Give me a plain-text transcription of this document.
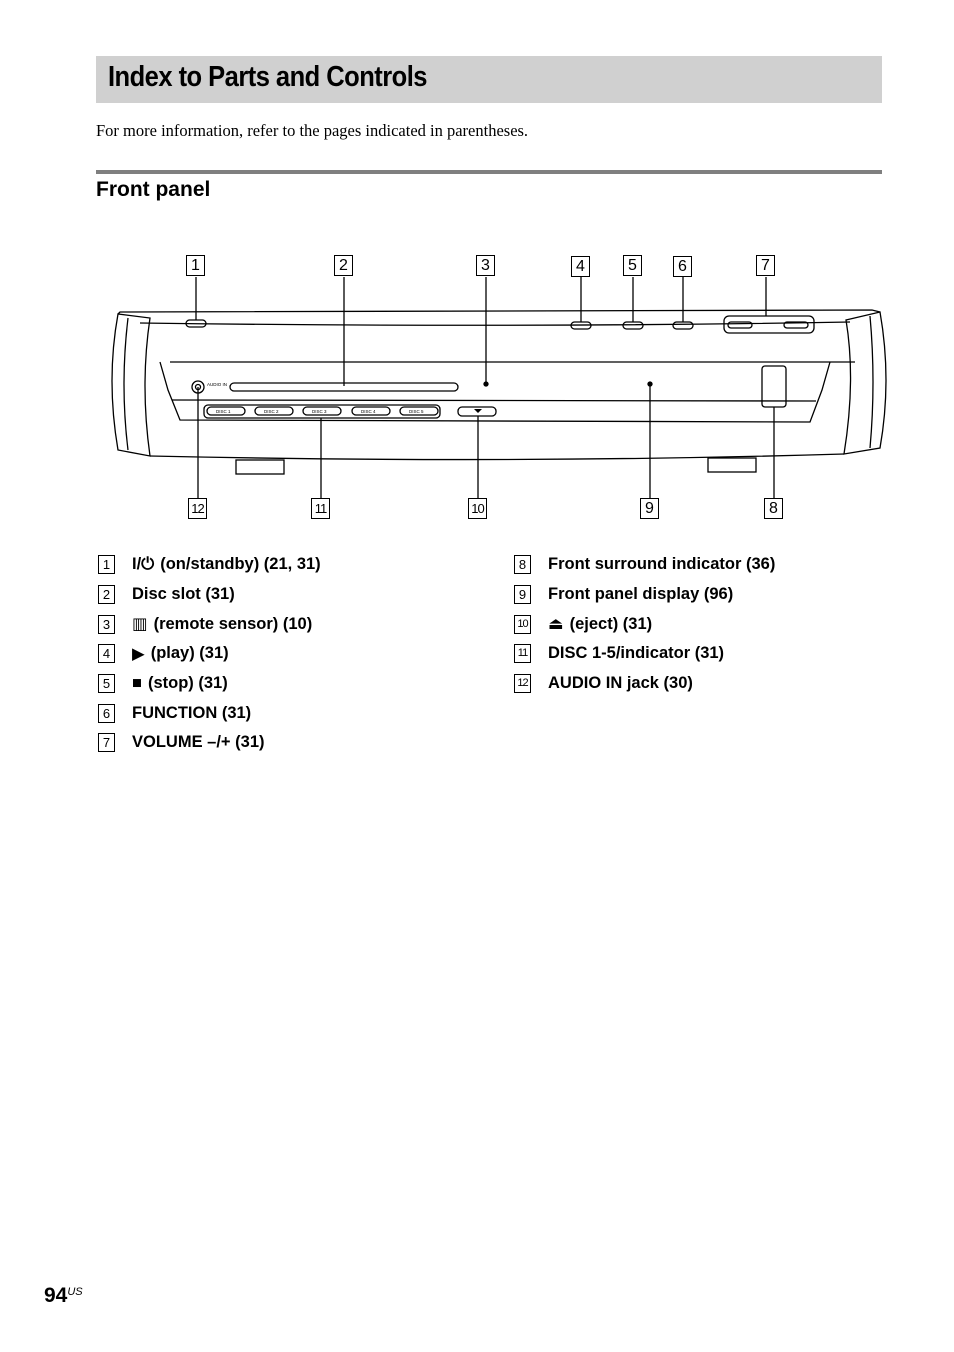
Index to Parts and Controls
For more information, refer to the pages indicated in parentheses.
Front panel
AUDIO IN
DISC 1	DISC 2	DISC 3	DISC 4	DISC 5
1	2	3	4	5	6	7
12	11	10	9	8
1 I/⏻ (on/standby) (21, 31)
2 Disc slot (31)
3 ▥ (remote sensor) (10)
4 ▶ (play) (31)
5 ■ (stop) (31)
6 FUNCTION (31)
7 VOLUME –/+ (31)
8 Front surround indicator (36)
9 Front panel display (96)
10 ⏏ (eject) (31)
11 DISC 1-5/indicator (31)
12 AUDIO IN jack (30)
$94^{US}$
